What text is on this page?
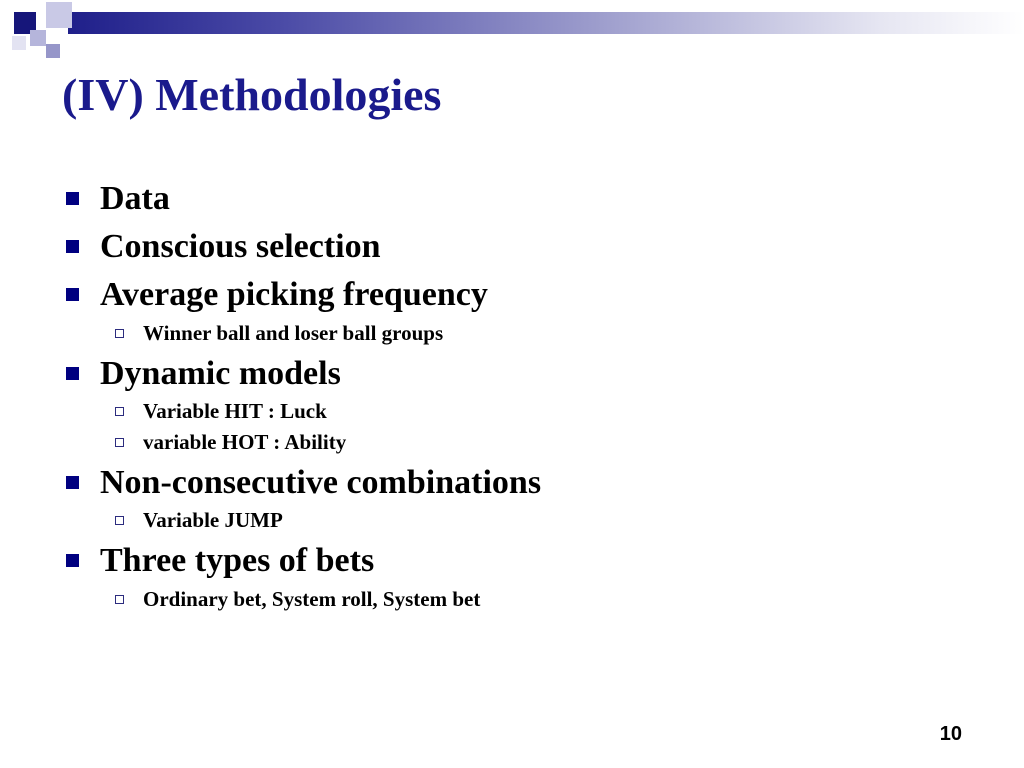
(IV) Methodologies
Data
Conscious selection
Average picking frequency
Winner ball and loser ball groups
Dynamic models
Variable HIT : Luck
variable HOT : Ability
Non-consecutive combinations
Variable JUMP
Three types of bets
Ordinary bet, System roll, System bet
10
